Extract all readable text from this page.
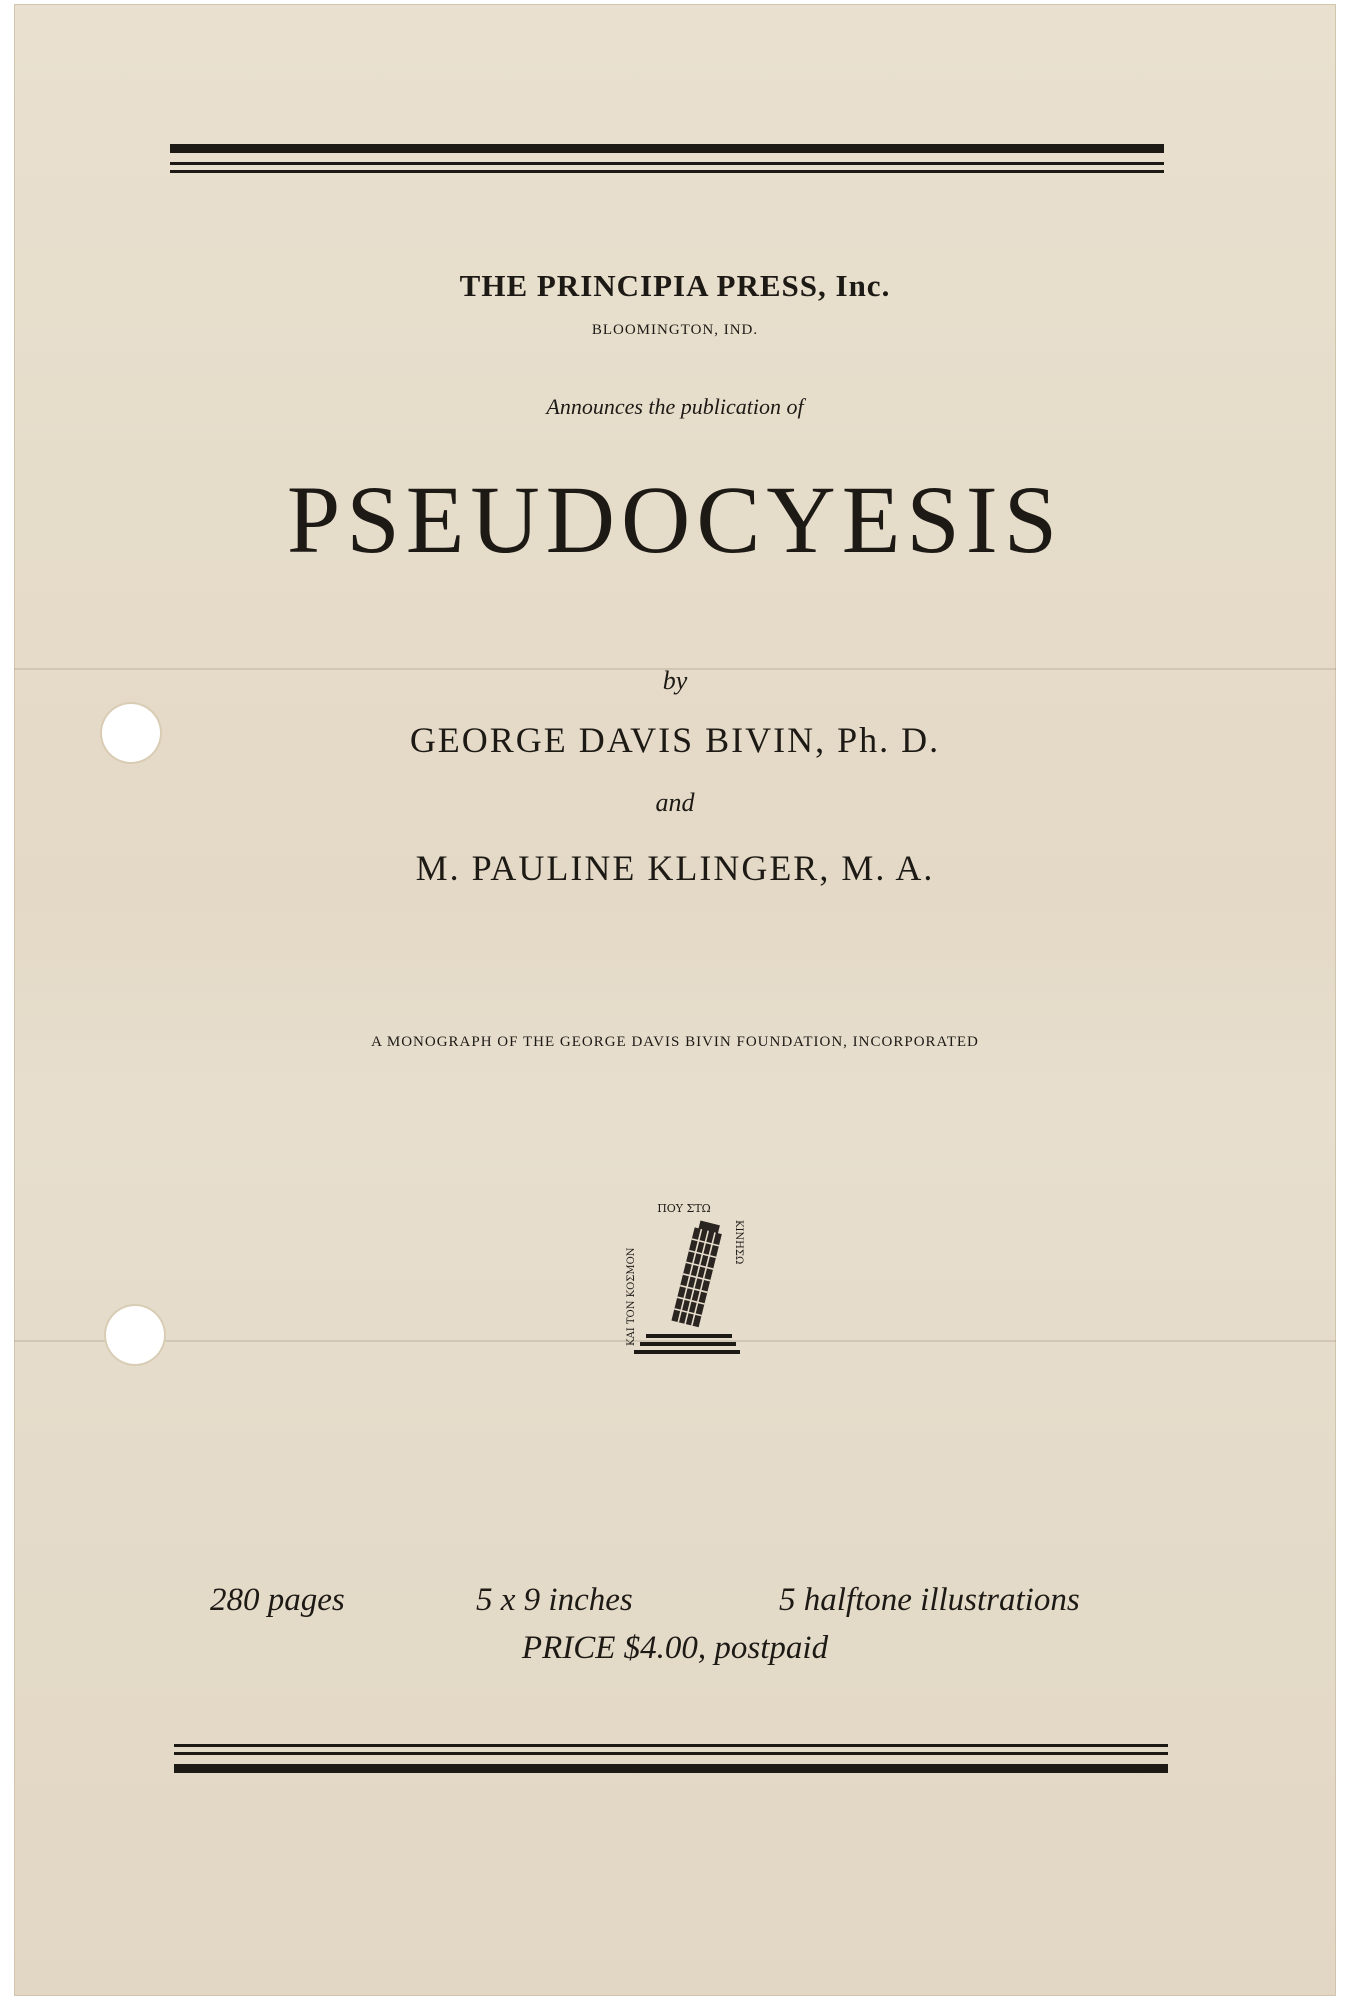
THE PRINCIPIA PRESS, Inc.
BLOOMINGTON, IND.
Announces the publication of
PSEUDOCYESIS
by
GEORGE DAVIS BIVIN, Ph. D.
and
M. PAULINE KLINGER, M. A.
A MONOGRAPH OF THE GEORGE DAVIS BIVIN FOUNDATION, INCORPORATED
ΠΟΥ ΣΤΩ
ΚΑΙ ΤΟΝ ΚΟΣΜΟΝ
ΚΙΝΗΣΩ
280 pages	5 x 9 inches	5 halftone illustrations
PRICE $4.00, postpaid
